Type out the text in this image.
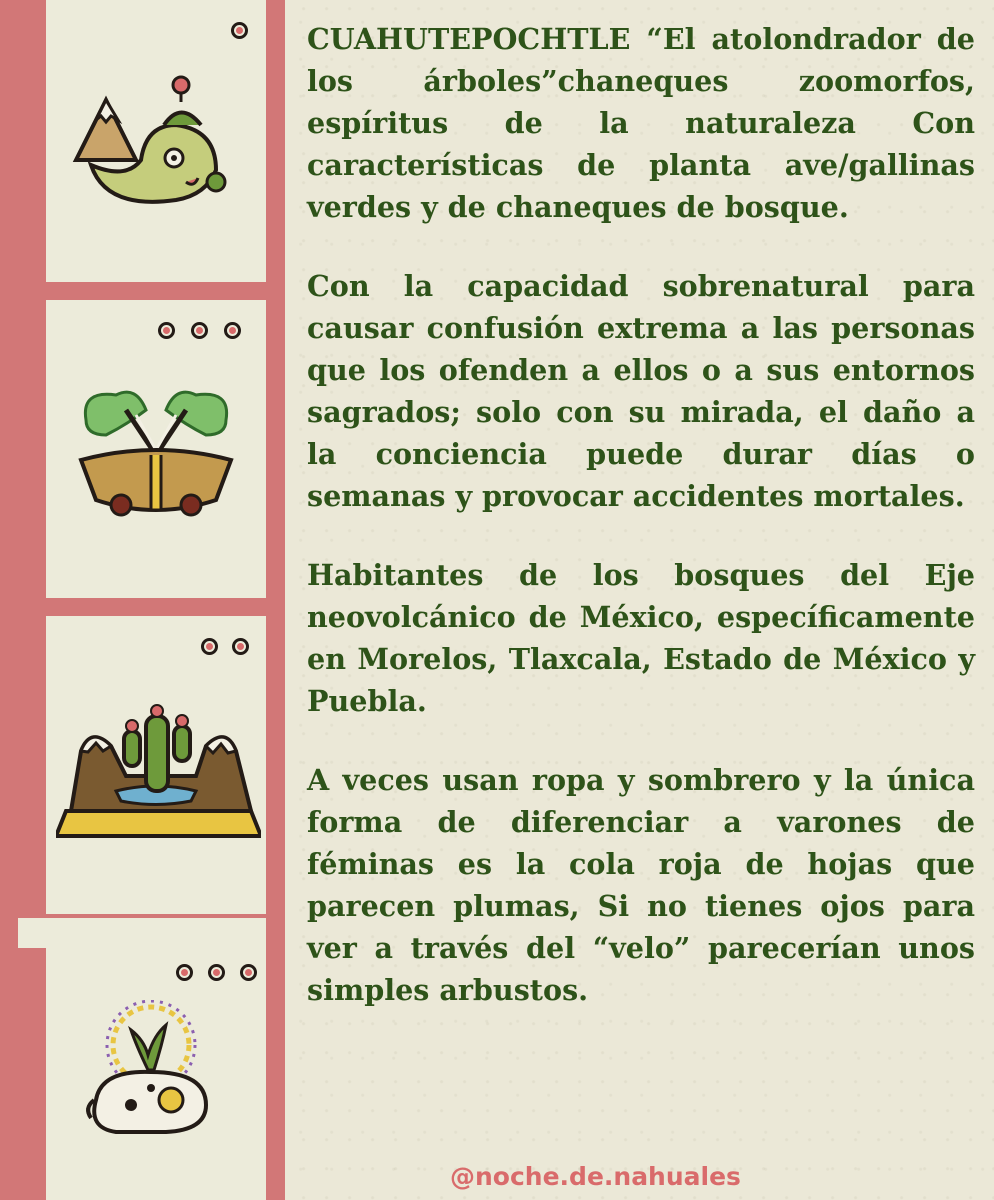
CUAHUTEPOCHTLE “El atolondrador de los árboles”chaneques zoomorfos, espíritus de la naturaleza Con características de planta ave/gallinas verdes y de chaneques de bosque.

Con la capacidad sobrenatural para causar confusión extrema a las personas que los ofenden a ellos o a sus entornos sagrados; solo con su mirada, el daño a la conciencia puede durar días o semanas y provocar accidentes mortales.

Habitantes de los bosques del Eje neovolcánico de México, específicamente en Morelos, Tlaxcala, Estado de México y Puebla.

A veces usan ropa y sombrero y la única forma de diferenciar a varones de féminas es la cola roja de hojas que parecen plumas, Si no tienes ojos para ver a través del “velo” parecerían unos simples arbustos.

@noche.de.nahuales
